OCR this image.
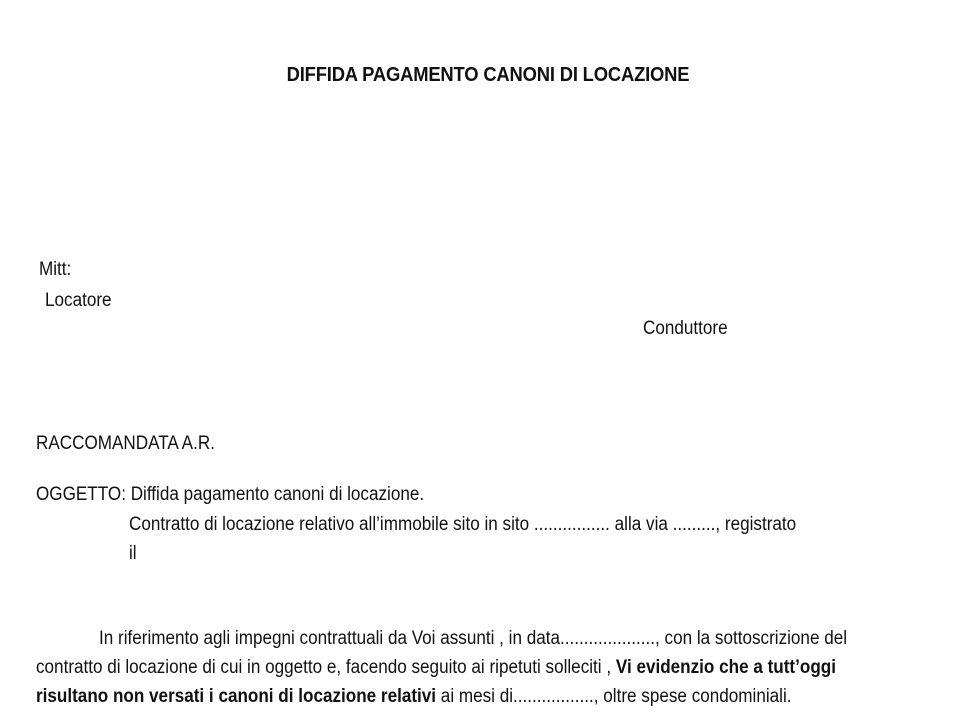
DIFFIDA PAGAMENTO CANONI DI LOCAZIONE
Mitt:
Locatore
Conduttore
RACCOMANDATA A.R.
OGGETTO: Diffida pagamento canoni di locazione.
Contratto di locazione relativo all’immobile sito in sito ................ alla via ........., registrato
il
In riferimento agli impegni contrattuali da Voi assunti , in data...................., con la sottoscrizione del
contratto di locazione di cui in oggetto e, facendo seguito ai ripetuti solleciti , Vi evidenzio che a tutt’oggi
risultano non versati i canoni di locazione relativi ai mesi di................., oltre spese condominiali.
